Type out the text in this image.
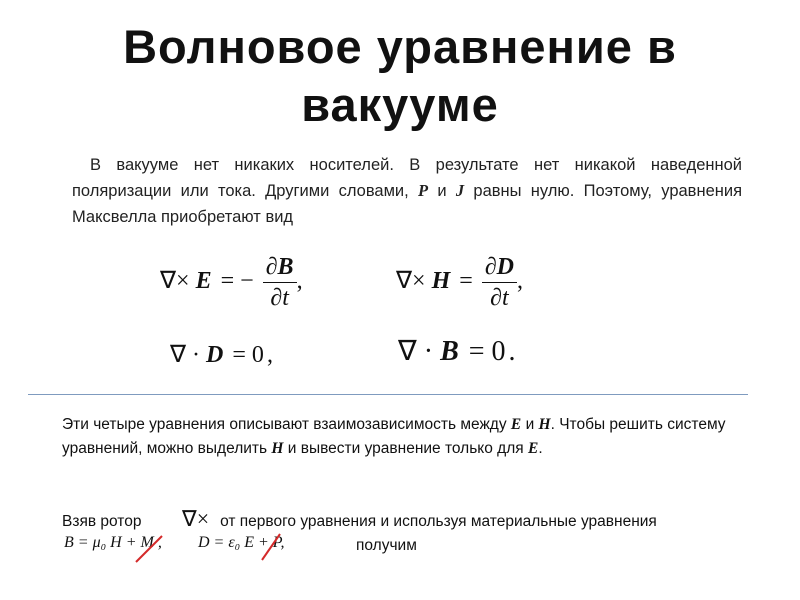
Волновое уравнение в
вакууме
В вакууме нет никаких носителей. В результате нет никакой наведенной поляризации или тока. Другими словами, P и J равны нулю. Поэтому, уравнения Максвелла приобретают вид
∇× E = − $\frac{\partial B}{\partial t}$ ,	∇× $H = \frac{\partial D}{\partial t}$ ,
∇ · D = 0 ,	∇ · B = 0 .
Эти четыре уравнения описывают взаимозависимость между E и H. Чтобы решить систему уравнений, можно выделить H и вывести уравнение только для E.
Взяв ротор	от первого уравнения и используя материальные уравнения
∇×
B = μ₀ H + M , D = ε₀ E + P,	получим
